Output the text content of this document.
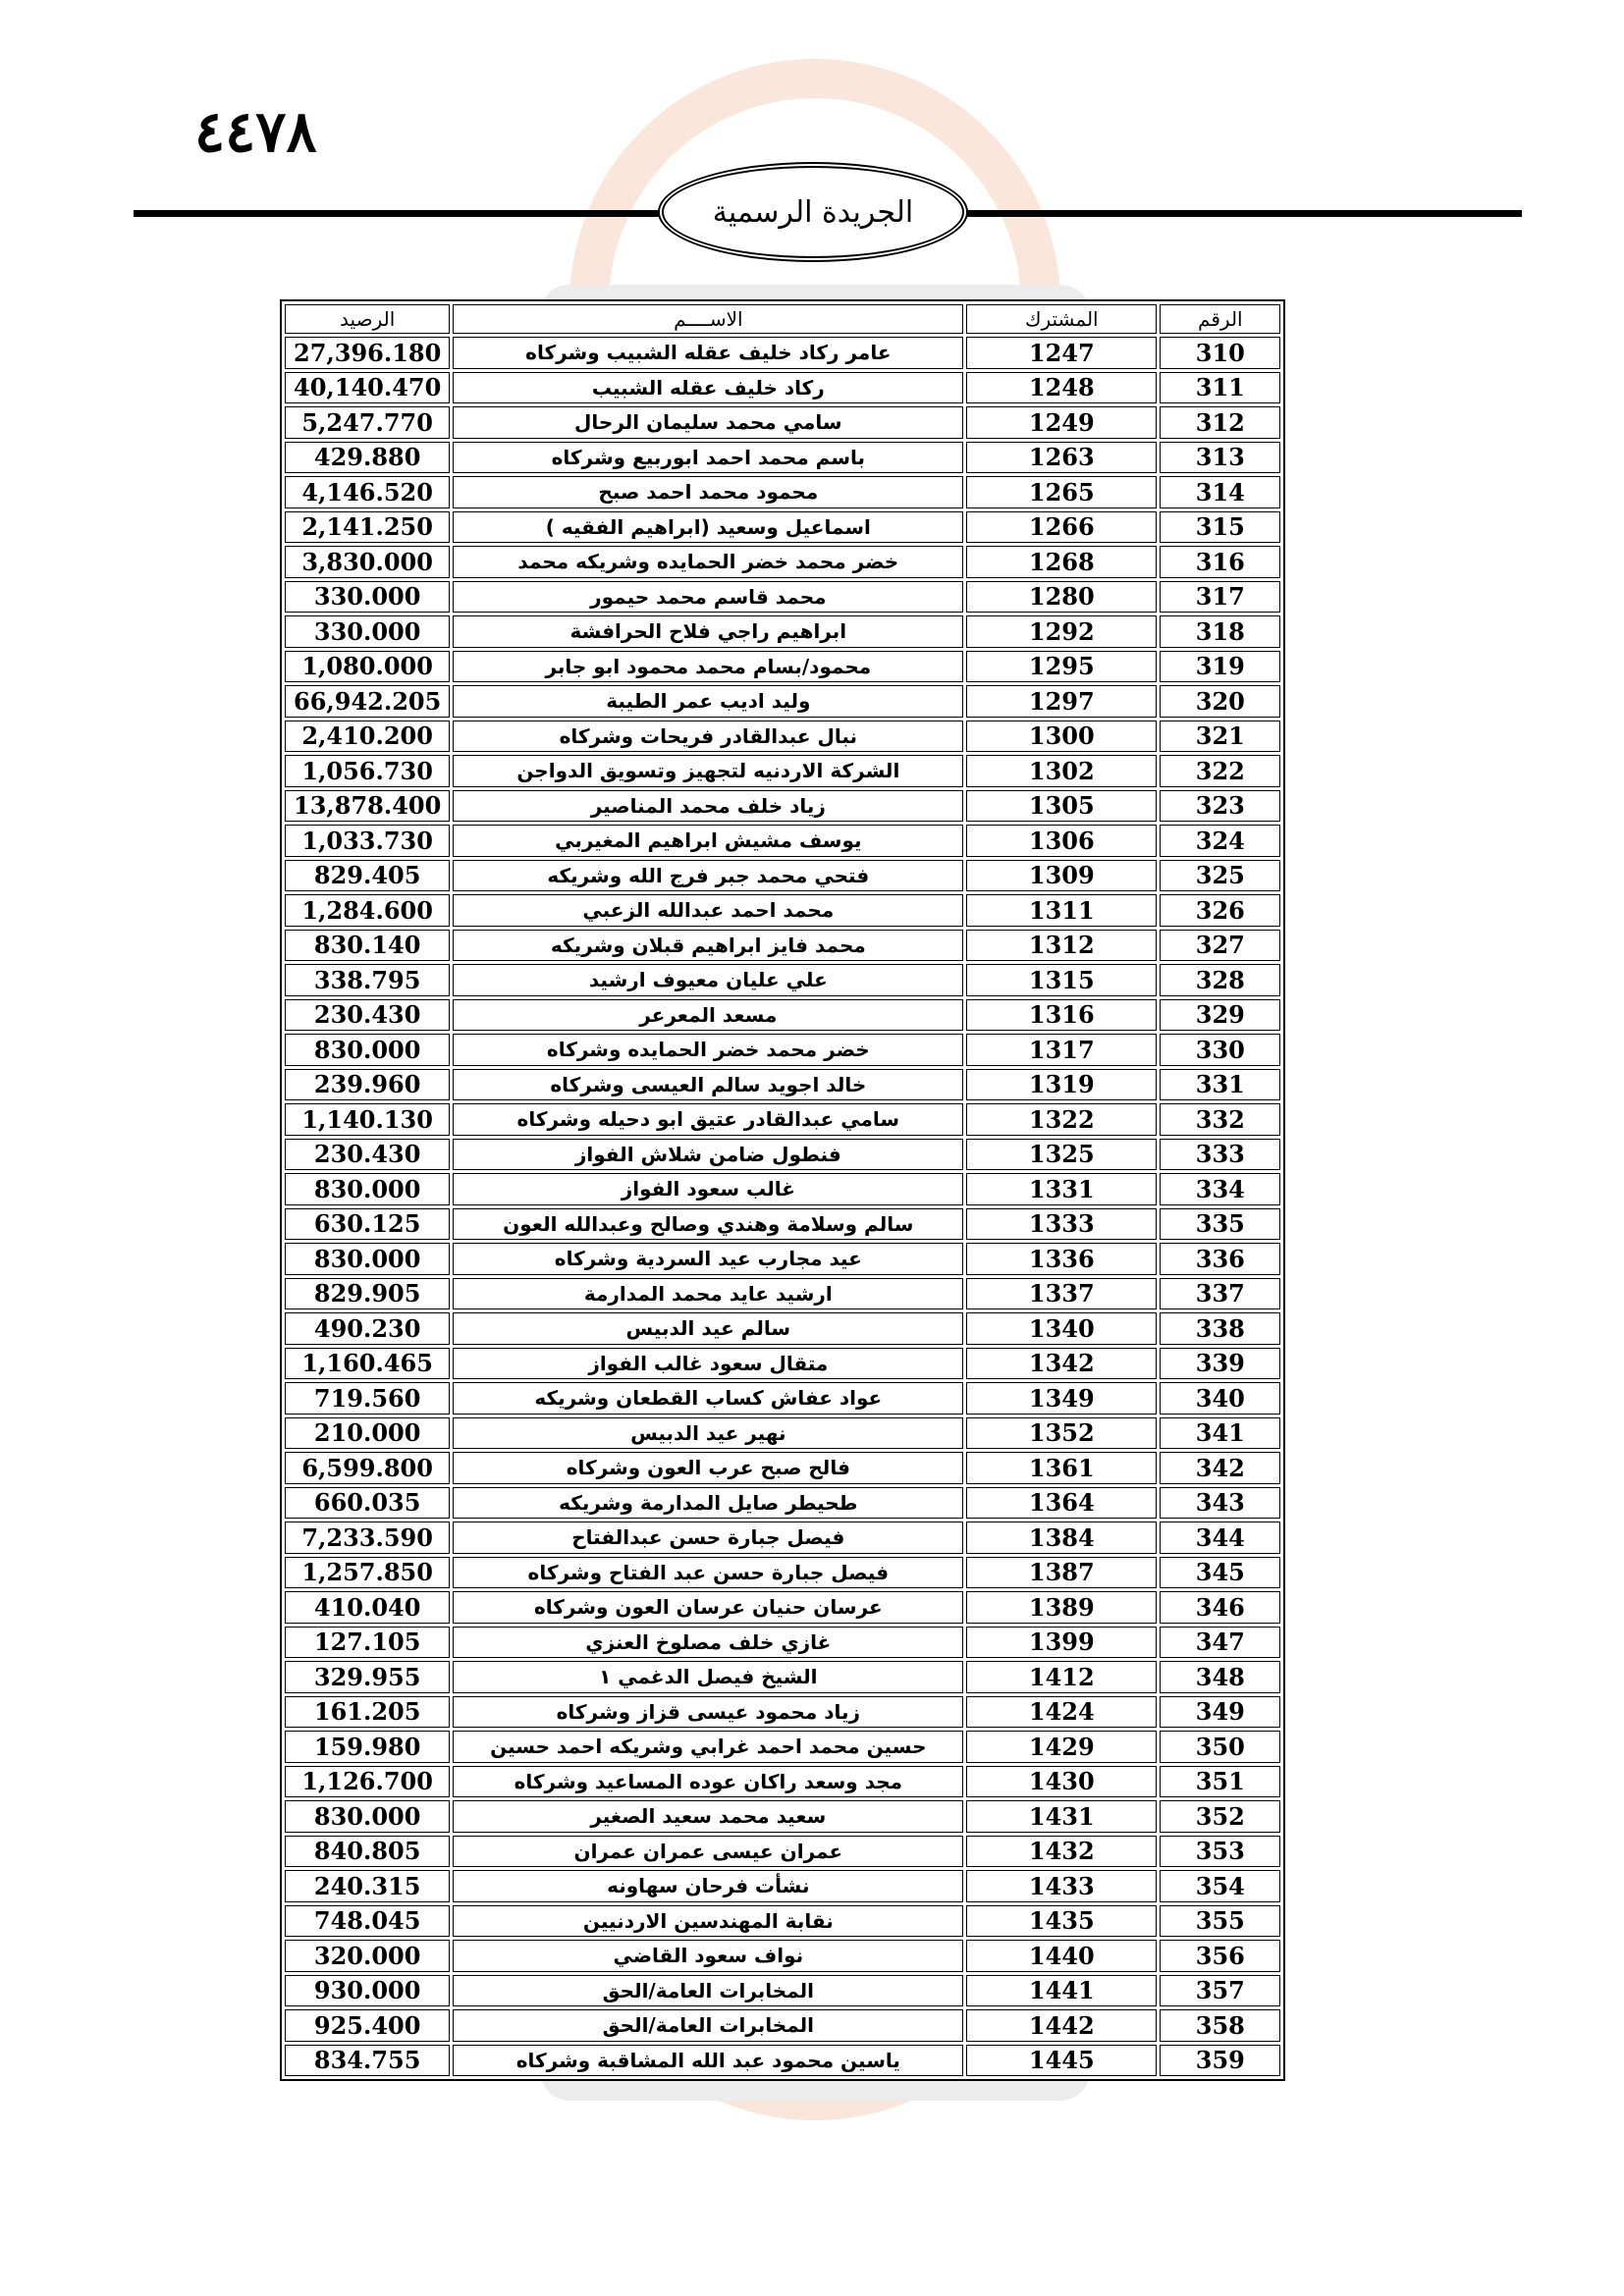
٤٤٧٨
الجريدة الرسمية
الرصيد	الاســــم	المشترك	الرقم
27,396.180	عامر ركاد خليف عقله الشبيب وشركاه	1247	310
40,140.470	ركاد خليف عقله الشبيب	1248	311
5,247.770	سامي محمد سليمان الرحال	1249	312
429.880	باسم محمد احمد ابوربيع وشركاه	1263	313
4,146.520	محمود محمد احمد صبح	1265	314
2,141.250	اسماعيل وسعيد (ابراهيم الفقيه )	1266	315
3,830.000	خضر محمد خضر الحمايده وشريكه محمد	1268	316
330.000	محمد قاسم محمد حيمور	1280	317
330.000	ابراهيم راجي فلاح الحرافشة	1292	318
1,080.000	محمود/بسام محمد محمود ابو جابر	1295	319
66,942.205	وليد اديب عمر الطيبة	1297	320
2,410.200	نبال عبدالقادر فريحات وشركاه	1300	321
1,056.730	الشركة الاردنيه لتجهيز وتسويق الدواجن	1302	322
13,878.400	زياد خلف محمد المناصير	1305	323
1,033.730	يوسف مشيش ابراهيم المغيربي	1306	324
829.405	فتحي محمد جبر فرج الله وشريكه	1309	325
1,284.600	محمد احمد عبدالله الزعبي	1311	326
830.140	محمد فايز ابراهيم قبلان وشريكه	1312	327
338.795	علي عليان معيوف ارشيد	1315	328
230.430	مسعد المعرعر	1316	329
830.000	خضر محمد خضر الحمايده وشركاه	1317	330
239.960	خالد اجويد سالم العيسى وشركاه	1319	331
1,140.130	سامي عبدالقادر عتيق ابو دحيله وشركاه	1322	332
230.430	فنطول ضامن شلاش الفواز	1325	333
830.000	غالب سعود الفواز	1331	334
630.125	سالم وسلامة وهندي وصالح وعبدالله العون	1333	335
830.000	عيد مجارب عيد السردية وشركاه	1336	336
829.905	ارشيد عايد محمد المدارمة	1337	337
490.230	سالم عيد الدبيس	1340	338
1,160.465	متقال سعود غالب الفواز	1342	339
719.560	عواد عفاش كساب القطعان وشريكه	1349	340
210.000	نهير عيد الدبيس	1352	341
6,599.800	فالح صبح عرب العون وشركاه	1361	342
660.035	طحيطر صايل المدارمة وشريكه	1364	343
7,233.590	فيصل جبارة حسن عبدالفتاح	1384	344
1,257.850	فيصل جبارة حسن عبد الفتاح وشركاه	1387	345
410.040	عرسان حنيان عرسان العون وشركاه	1389	346
127.105	غازي خلف مصلوخ العنزي	1399	347
329.955	الشيخ فيصل الدغمي ١	1412	348
161.205	زياد محمود عيسى قزاز وشركاه	1424	349
159.980	حسين محمد احمد غرابي وشريكه احمد حسين	1429	350
1,126.700	مجد وسعد راكان عوده المساعيد وشركاه	1430	351
830.000	سعيد محمد سعيد الصغير	1431	352
840.805	عمران عيسى عمران عمران	1432	353
240.315	نشأت فرحان سهاونه	1433	354
748.045	نقابة المهندسين الاردنيين	1435	355
320.000	نواف سعود القاضي	1440	356
930.000	المخابرات العامة/الحق	1441	357
925.400	المخابرات العامة/الحق	1442	358
834.755	ياسين محمود عبد الله المشاقبة وشركاه	1445	359
